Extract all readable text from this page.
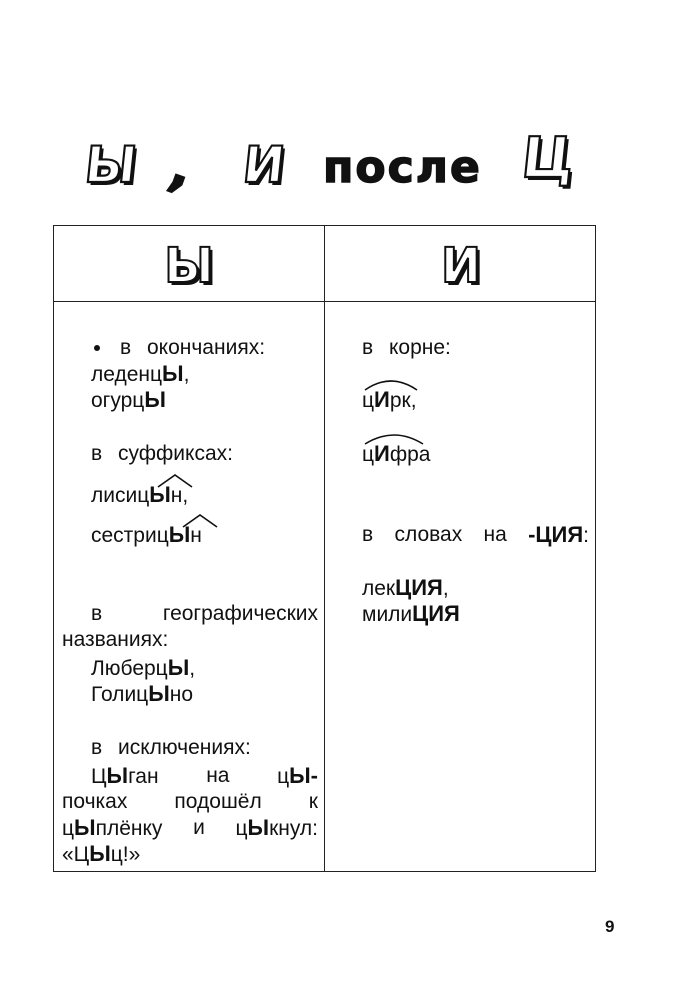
Ы , И после Ц
Ы	И
в окончаниях:
леденцЫ,
огурцЫ
в суффиксах:
лисицЫн,
сестрицЫн
в	географических
названиях:
ЛюберцЫ,
ГолицЫно
в исключениях:
ЦЫган на цЫ-
почках подошёл к
цЫплёнку и цЫкнул:
«ЦЫц!»
в корне:
цИрк,
цИфра
в словах на -ЦИЯ:
лекЦИЯ,
милиЦИЯ
9
